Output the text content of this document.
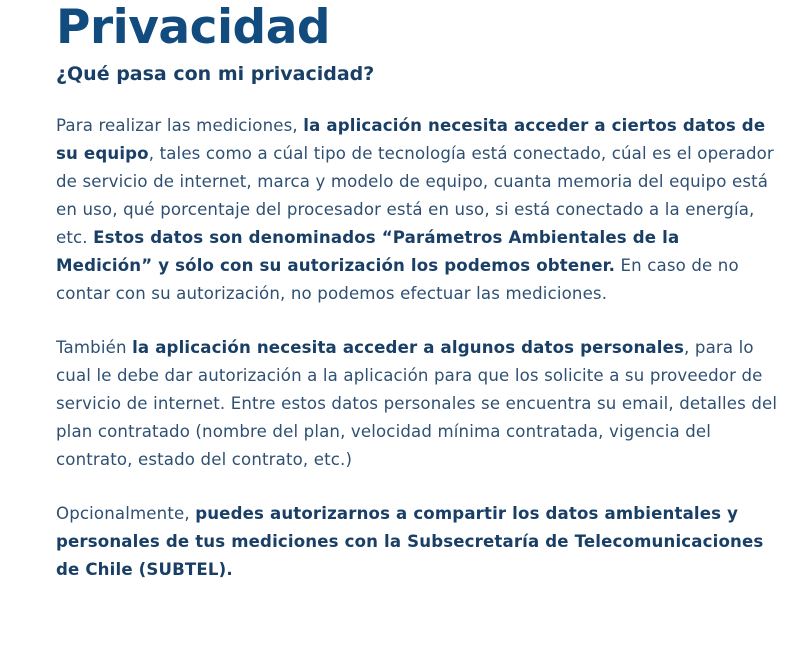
Privacidad
¿Qué pasa con mi privacidad?

Para realizar las mediciones, la aplicación necesita acceder a ciertos datos de su equipo, tales como a cúal tipo de tecnología está conectado, cúal es el operador de servicio de internet, marca y modelo de equipo, cuanta memoria del equipo está en uso, qué porcentaje del procesador está en uso, si está conectado a la energía, etc. Estos datos son denominados “Parámetros Ambientales de la Medición” y sólo con su autorización los podemos obtener. En caso de no contar con su autorización, no podemos efectuar las mediciones.

También la aplicación necesita acceder a algunos datos personales, para lo cual le debe dar autorización a la aplicación para que los solicite a su proveedor de servicio de internet. Entre estos datos personales se encuentra su email, detalles del plan contratado (nombre del plan, velocidad mínima contratada, vigencia del contrato, estado del contrato, etc.)

Opcionalmente, puedes autorizarnos a compartir los datos ambientales y personales de tus mediciones con la Subsecretaría de Telecomunicaciones de Chile (SUBTEL).
